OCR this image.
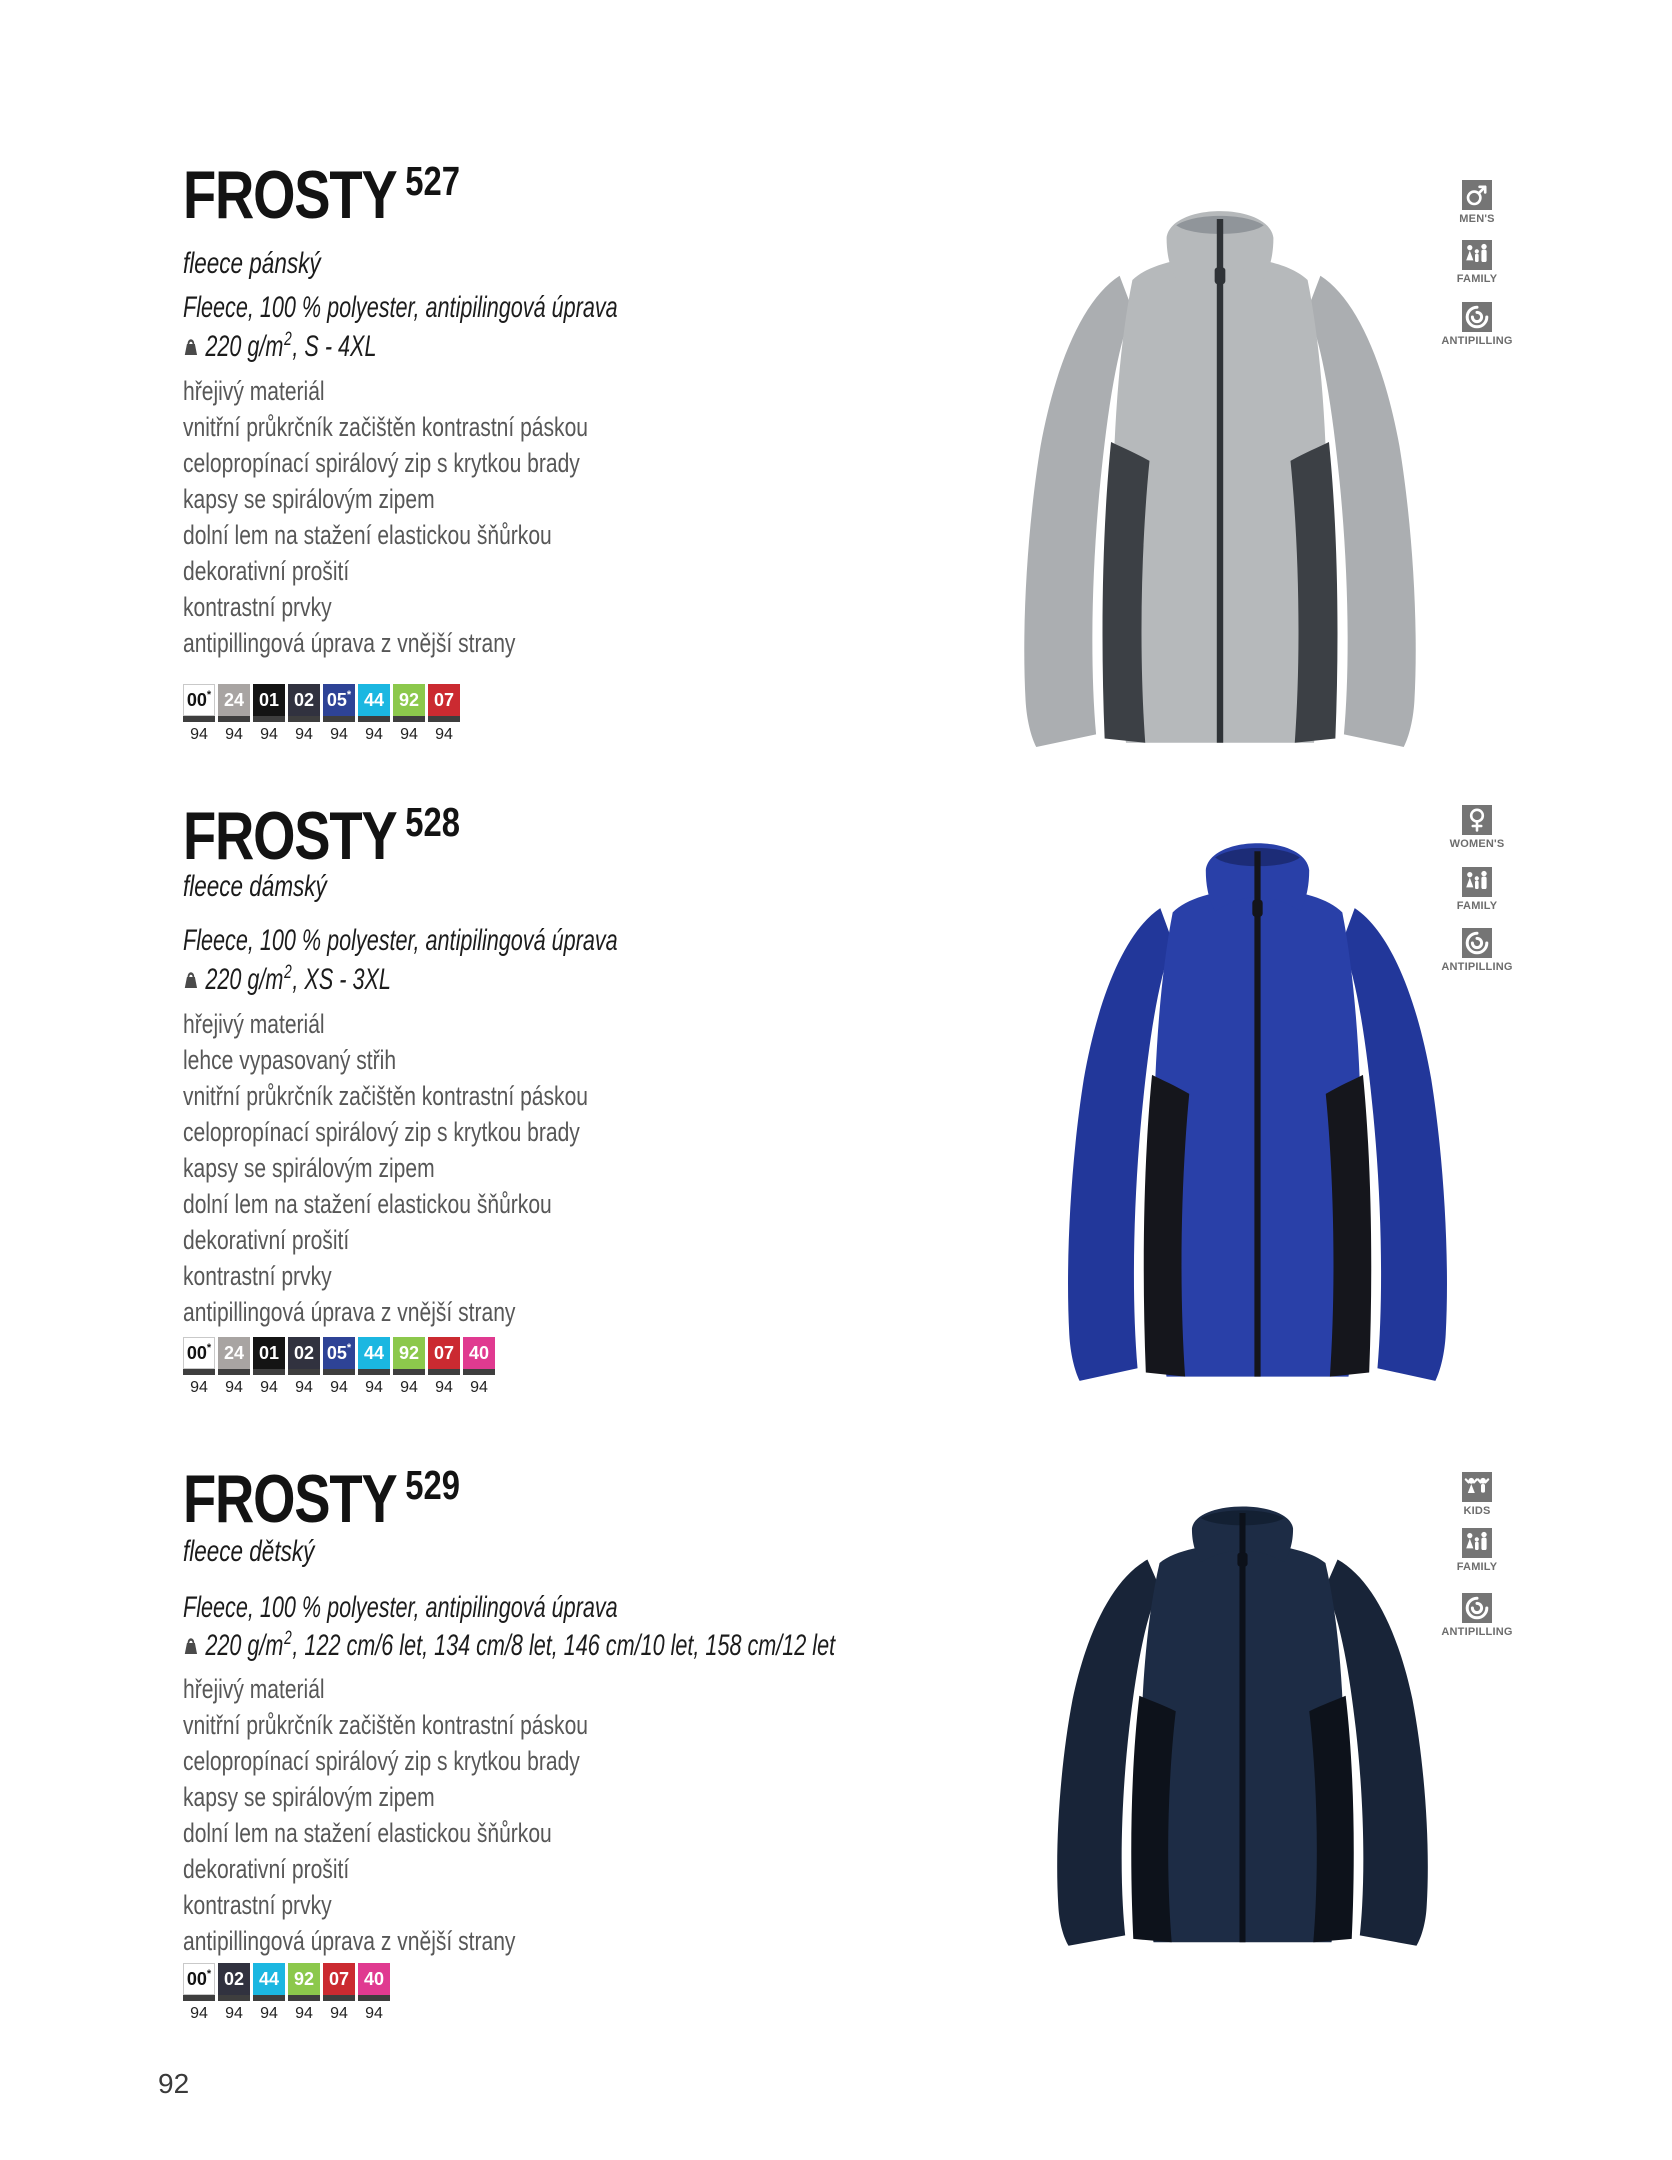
FROSTY 527
fleece pánský
Fleece, 100 % polyester, antipilingová úprava
220 $g/m^2$, S - 4XL
hřejivý materiál
vnitřní průkrčník začištěn kontrastní páskou
celopropínací spirálový zip s krytkou brady
kapsy se spirálovým zipem
dolní lem na stažení elastickou šňůrkou
dekorativní prošití
kontrastní prvky
antipillingová úprava z vnější strany
00*
94
24
94
01
94
02
94
05*
94
44
94
92
94
07
94
MEN'S
FAMILY
ANTIPILLING
FROSTY 528
fleece dámský
Fleece, 100 % polyester, antipilingová úprava
220 $g/m^2$, XS - 3XL
hřejivý materiál
lehce vypasovaný střih
vnitřní průkrčník začištěn kontrastní páskou
celopropínací spirálový zip s krytkou brady
kapsy se spirálovým zipem
dolní lem na stažení elastickou šňůrkou
dekorativní prošití
kontrastní prvky
antipillingová úprava z vnější strany
00*
94
24
94
01
94
02
94
05*
94
44
94
92
94
07
94
40
94
WOMEN'S
FAMILY
ANTIPILLING
FROSTY 529
fleece dětský
Fleece, 100 % polyester, antipilingová úprava
220 $g/m^2$, 122 cm/6 let, 134 cm/8 let, 146 cm/10 let, 158 cm/12 let
hřejivý materiál
vnitřní průkrčník začištěn kontrastní páskou
celopropínací spirálový zip s krytkou brady
kapsy se spirálovým zipem
dolní lem na stažení elastickou šňůrkou
dekorativní prošití
kontrastní prvky
antipillingová úprava z vnější strany
00*
94
02
94
44
94
92
94
07
94
40
94
KIDS
FAMILY
ANTIPILLING
92
